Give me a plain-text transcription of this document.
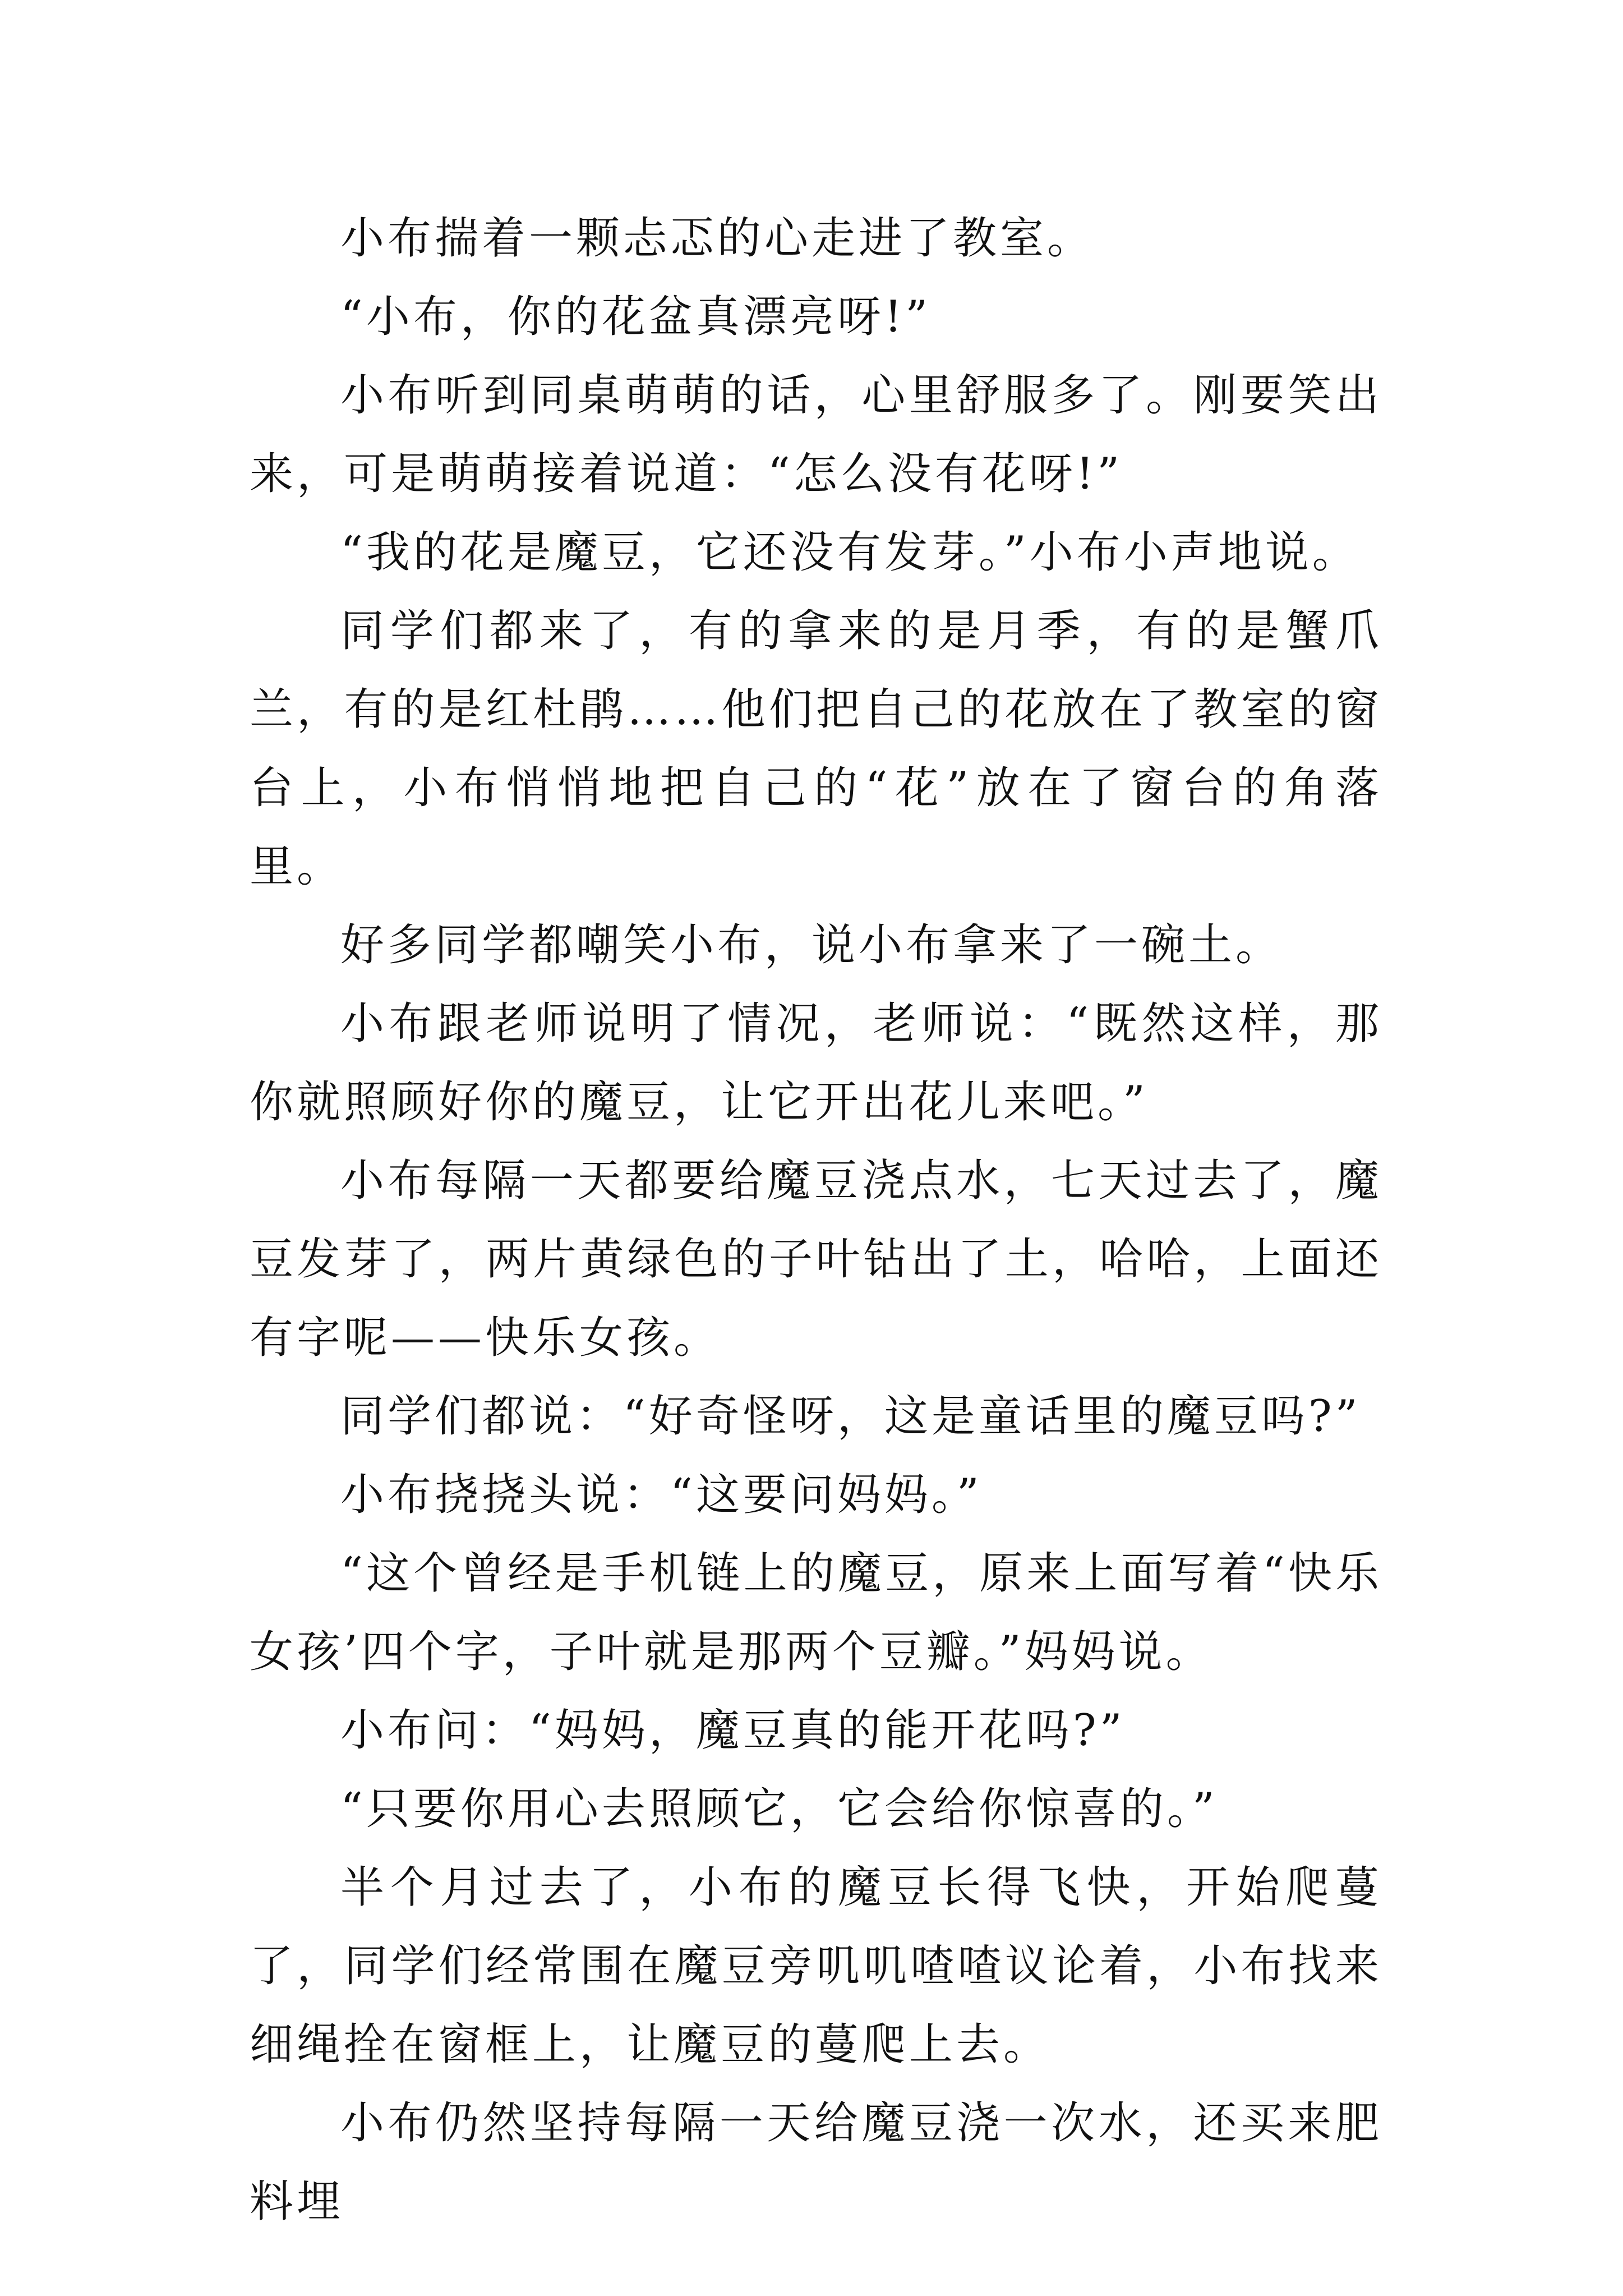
小布揣着一颗忐忑的心走进了教室。

“小布，你的花盆真漂亮呀!”

小布听到同桌萌萌的话，心里舒服多了。刚要笑出来，可是萌萌接着说道：“怎么没有花呀!”

“我的花是魔豆，它还没有发芽。”小布小声地说。

同学们都来了，有的拿来的是月季，有的是蟹爪兰，有的是红杜鹃……他们把自己的花放在了教室的窗台上，小布悄悄地把自己的“花”放在了窗台的角落里。

好多同学都嘲笑小布，说小布拿来了一碗土。

小布跟老师说明了情况，老师说：“既然这样，那你就照顾好你的魔豆，让它开出花儿来吧。”

小布每隔一天都要给魔豆浇点水，七天过去了，魔豆发芽了，两片黄绿色的子叶钻出了土，哈哈，上面还有字呢——快乐女孩。

同学们都说：“好奇怪呀，这是童话里的魔豆吗?”

小布挠挠头说：“这要问妈妈。”

“这个曾经是手机链上的魔豆，原来上面写着“快乐女孩’四个字，子叶就是那两个豆瓣。”妈妈说。

小布问：“妈妈，魔豆真的能开花吗?”

“只要你用心去照顾它，它会给你惊喜的。”

半个月过去了，小布的魔豆长得飞快，开始爬蔓了，同学们经常围在魔豆旁叽叽喳喳议论着，小布找来细绳拴在窗框上，让魔豆的蔓爬上去。

小布仍然坚持每隔一天给魔豆浇一次水，还买来肥料埋
